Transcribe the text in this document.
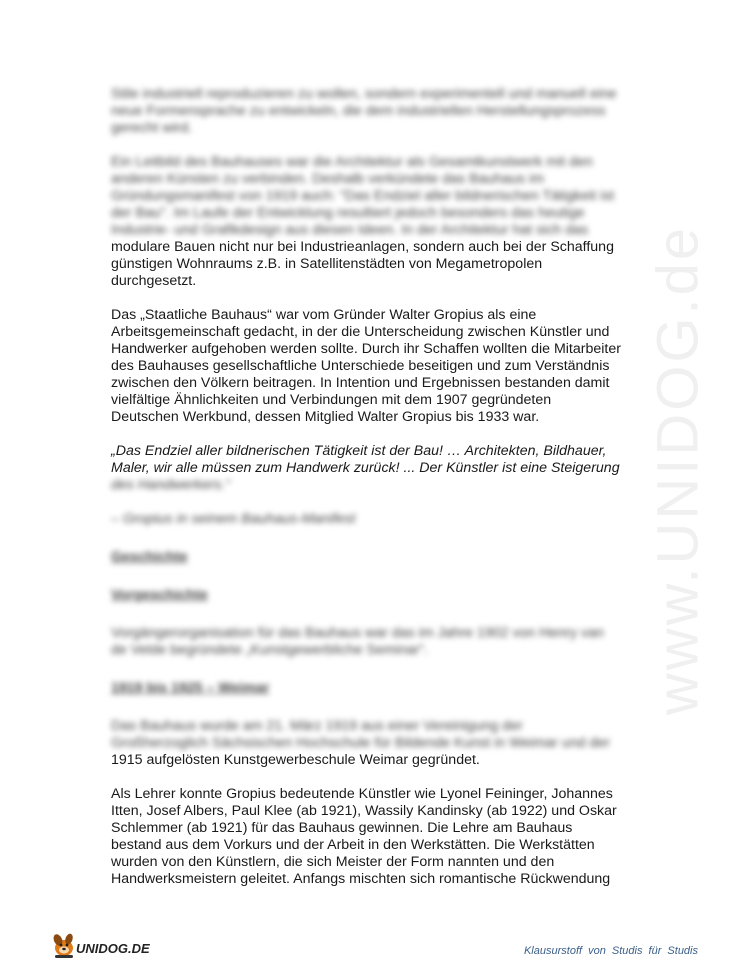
www.UNIDOG.de
Stile industriell reproduzieren zu wollen, sondern experimentell und manuell eine
neue Formensprache zu entwickeln, die dem industriellen Herstellungsprozess
gerecht wird.
Ein Leitbild des Bauhauses war die Architektur als Gesamtkunstwerk mit den
anderen Künsten zu verbinden. Deshalb verkündete das Bauhaus im
Gründungsmanifest von 1919 auch: "Das Endziel aller bildnerischen Tätigkeit ist
der Bau". Im Laufe der Entwicklung resultiert jedoch besonders das heutige
Industrie- und Grafikdesign aus diesen Ideen. In der Architektur hat sich das
modulare Bauen nicht nur bei Industrieanlagen, sondern auch bei der Schaffung
günstigen Wohnraums z.B. in Satellitenstädten von Megametropolen
durchgesetzt.
Das „Staatliche Bauhaus“ war vom Gründer Walter Gropius als eine
Arbeitsgemeinschaft gedacht, in der die Unterscheidung zwischen Künstler und
Handwerker aufgehoben werden sollte. Durch ihr Schaffen wollten die Mitarbeiter
des Bauhauses gesellschaftliche Unterschiede beseitigen und zum Verständnis
zwischen den Völkern beitragen. In Intention und Ergebnissen bestanden damit
vielfältige Ähnlichkeiten und Verbindungen mit dem 1907 gegründeten
Deutschen Werkbund, dessen Mitglied Walter Gropius bis 1933 war.
„Das Endziel aller bildnerischen Tätigkeit ist der Bau! … Architekten, Bildhauer,
Maler, wir alle müssen zum Handwerk zurück! ... Der Künstler ist eine Steigerung
des Handwerkers.“
– Gropius in seinem Bauhaus-Manifest
Geschichte
Vorgeschichte
Vorgängerorganisation für das Bauhaus war das im Jahre 1902 von Henry van
de Velde begründete „Kunstgewerbliche Seminar“.
1919 bis 1925 – Weimar
Das Bauhaus wurde am 21. März 1919 aus einer Vereinigung der
Großherzoglich Sächsischen Hochschule für Bildende Kunst in Weimar und der
1915 aufgelösten Kunstgewerbeschule Weimar gegründet.
Als Lehrer konnte Gropius bedeutende Künstler wie Lyonel Feininger, Johannes
Itten, Josef Albers, Paul Klee (ab 1921), Wassily Kandinsky (ab 1922) und Oskar
Schlemmer (ab 1921) für das Bauhaus gewinnen. Die Lehre am Bauhaus
bestand aus dem Vorkurs und der Arbeit in den Werkstätten. Die Werkstätten
wurden von den Künstlern, die sich Meister der Form nannten und den
Handwerksmeistern geleitet. Anfangs mischten sich romantische Rückwendung
UNIDOG.DE	Klausurstoff von Studis für Studis
